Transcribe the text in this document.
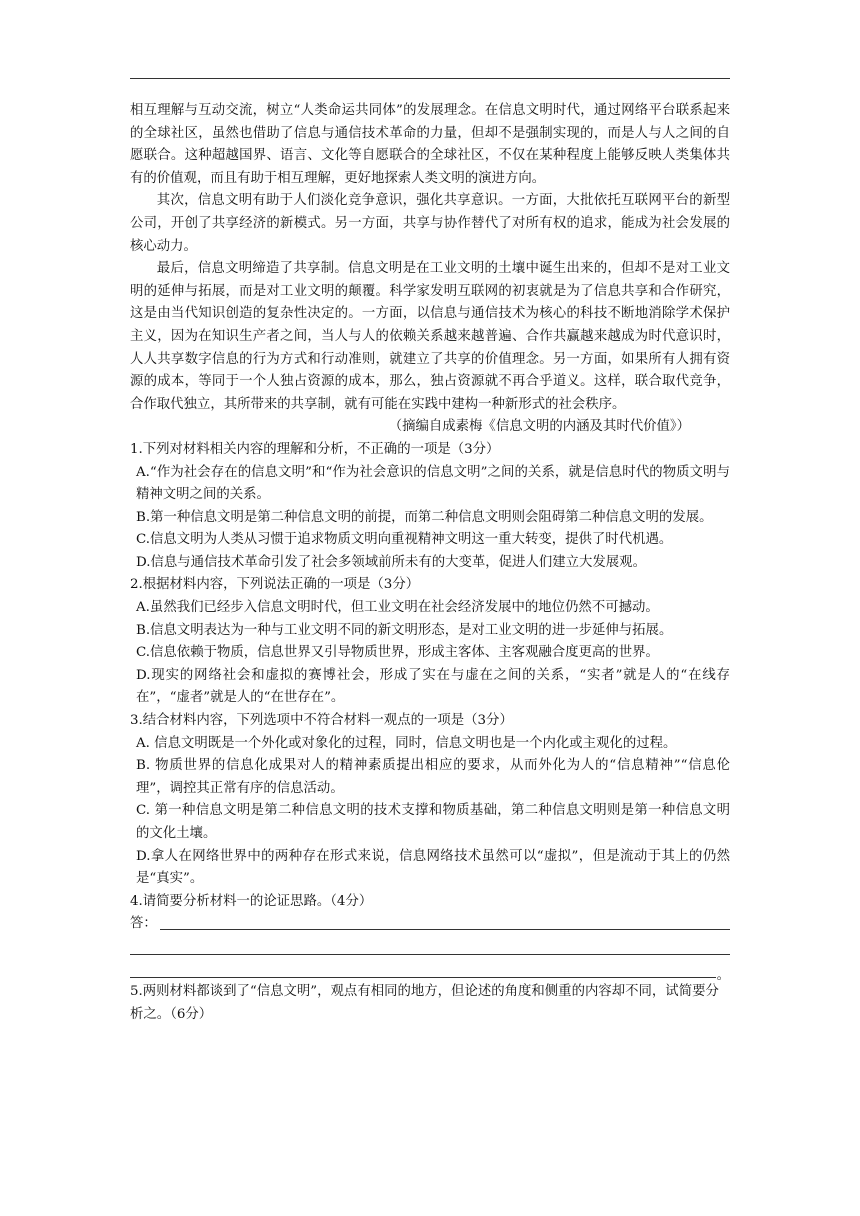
相互理解与互动交流，树立“人类命运共同体”的发展理念。在信息文明时代，通过网络平台联系起来的全球社区，虽然也借助了信息与通信技术革命的力量，但却不是强制实现的，而是人与人之间的自愿联合。这种超越国界、语言、文化等自愿联合的全球社区，不仅在某种程度上能够反映人类集体共有的价值观，而且有助于相互理解，更好地探索人类文明的演进方向。

其次，信息文明有助于人们淡化竞争意识，强化共享意识。一方面，大批依托互联网平台的新型公司，开创了共享经济的新模式。另一方面，共享与协作替代了对所有权的追求，能成为社会发展的核心动力。

最后，信息文明缔造了共享制。信息文明是在工业文明的土壤中诞生出来的，但却不是对工业文明的延伸与拓展，而是对工业文明的颠覆。科学家发明互联网的初衷就是为了信息共享和合作研究，这是由当代知识创造的复杂性决定的。一方面，以信息与通信技术为核心的科技不断地消除学术保护主义，因为在知识生产者之间，当人与人的依赖关系越来越普遍、合作共赢越来越成为时代意识时，人人共享数字信息的行为方式和行动准则，就建立了共享的价值理念。另一方面，如果所有人拥有资源的成本，等同于一个人独占资源的成本，那么，独占资源就不再合乎道义。这样，联合取代竞争，合作取代独立，其所带来的共享制，就有可能在实践中建构一种新形式的社会秩序。

（摘编自成素梅《信息文明的内涵及其时代价值》）

1.下列对材料相关内容的理解和分析，不正确的一项是（3分）

A.“作为社会存在的信息文明”和“作为社会意识的信息文明”之间的关系，就是信息时代的物质文明与精神文明之间的关系。

B.第一种信息文明是第二种信息文明的前提，而第二种信息文明则会阻碍第二种信息文明的发展。

C.信息文明为人类从习惯于追求物质文明向重视精神文明这一重大转变，提供了时代机遇。

D.信息与通信技术革命引发了社会多领域前所未有的大变革，促进人们建立大发展观。

2.根据材料内容，下列说法正确的一项是（3分）

A.虽然我们已经步入信息文明时代，但工业文明在社会经济发展中的地位仍然不可撼动。

B.信息文明表达为一种与工业文明不同的新文明形态，是对工业文明的进一步延伸与拓展。

C.信息依赖于物质，信息世界又引导物质世界，形成主客体、主客观融合度更高的世界。

D.现实的网络社会和虚拟的赛博社会，形成了实在与虚在之间的关系，“实者”就是人的“在线存在”，“虚者”就是人的“在世存在”。

3.结合材料内容，下列选项中不符合材料一观点的一项是（3分）

A. 信息文明既是一个外化或对象化的过程，同时，信息文明也是一个内化或主观化的过程。

B. 物质世界的信息化成果对人的精神素质提出相应的要求，从而外化为人的“信息精神”“信息伦理”，调控其正常有序的信息活动。

C. 第一种信息文明是第二种信息文明的技术支撑和物质基础，第二种信息文明则是第一种信息文明的文化土壤。

D.拿人在网络世界中的两种存在形式来说，信息网络技术虽然可以“虚拟”，但是流动于其上的仍然是“真实”。

4.请简要分析材料一的论证思路。（4分）

答：
。

5.两则材料都谈到了“信息文明”，观点有相同的地方，但论述的角度和侧重的内容却不同，试简要分析之。（6分）
